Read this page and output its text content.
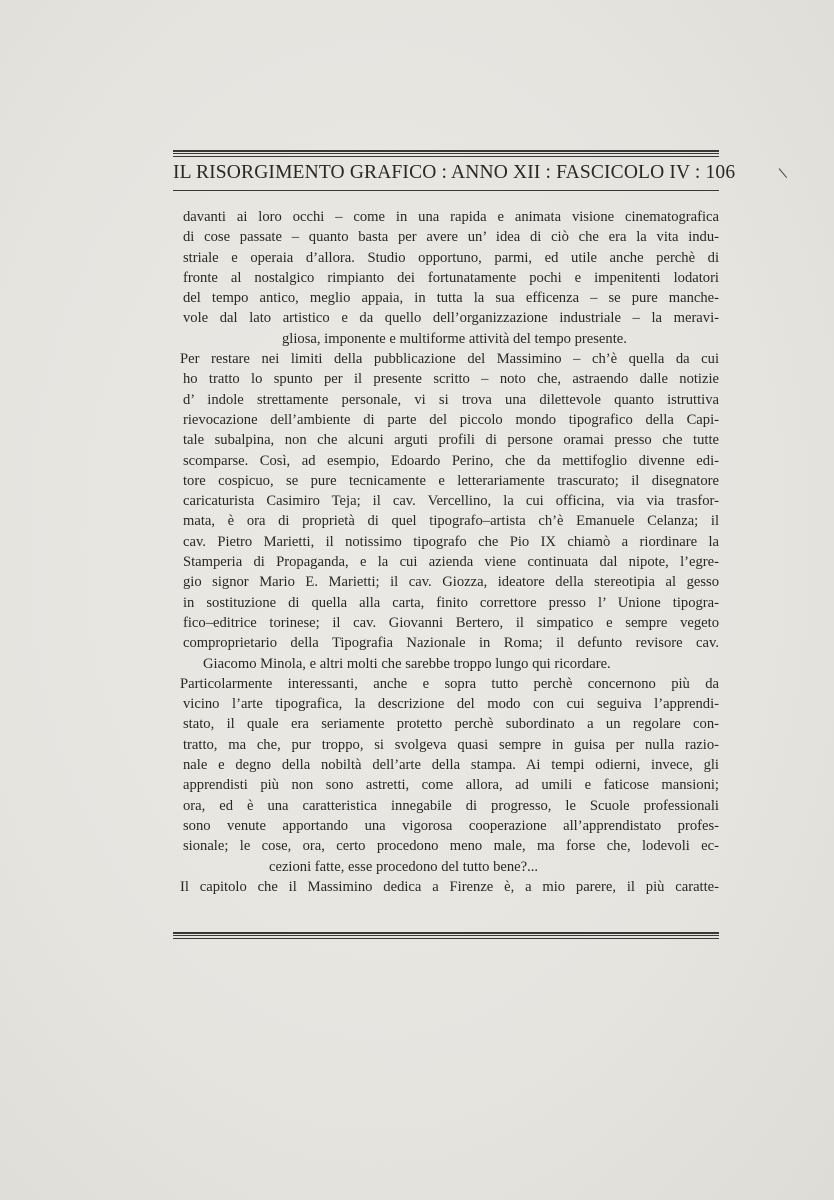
IL RISORGIMENTO GRAFICO : ANNO XII : FASCICOLO IV : 106
davanti ai loro occhi – come in una rapida e animata visione cinematografica
di cose passate – quanto basta per avere un’ idea di ciò che era la vita indu-
striale e operaia d’allora. Studio opportuno, parmi, ed utile anche perchè di
fronte al nostalgico rimpianto dei fortunatamente pochi e impenitenti lodatori
del tempo antico, meglio appaia, in tutta la sua efficenza – se pure manche-
vole dal lato artistico e da quello dell’organizzazione industriale – la meravi-
gliosa, imponente e multiforme attività del tempo presente.
Per restare nei limiti della pubblicazione del Massimino – ch’è quella da cui
ho tratto lo spunto per il presente scritto – noto che, astraendo dalle notizie
d’ indole strettamente personale, vi si trova una dilettevole quanto istruttiva
rievocazione dell’ambiente di parte del piccolo mondo tipografico della Capi-
tale subalpina, non che alcuni arguti profili di persone oramai presso che tutte
scomparse. Così, ad esempio, Edoardo Perino, che da mettifoglio divenne edi-
tore cospicuo, se pure tecnicamente e letterariamente trascurato; il disegnatore
caricaturista Casimiro Teja; il cav. Vercellino, la cui officina, via via trasfor-
mata, è ora di proprietà di quel tipografo–artista ch’è Emanuele Celanza; il
cav. Pietro Marietti, il notissimo tipografo che Pio IX chiamò a riordinare la
Stamperia di Propaganda, e la cui azienda viene continuata dal nipote, l’egre-
gio signor Mario E. Marietti; il cav. Giozza, ideatore della stereotipia al gesso
in sostituzione di quella alla carta, finito correttore presso l’ Unione tipogra-
fico–editrice torinese; il cav. Giovanni Bertero, il simpatico e sempre vegeto
comproprietario della Tipografia Nazionale in Roma; il defunto revisore cav.
Giacomo Minola, e altri molti che sarebbe troppo lungo qui ricordare.
Particolarmente interessanti, anche e sopra tutto perchè concernono più da
vicino l’arte tipografica, la descrizione del modo con cui seguiva l’apprendi-
stato, il quale era seriamente protetto perchè subordinato a un regolare con-
tratto, ma che, pur troppo, si svolgeva quasi sempre in guisa per nulla razio-
nale e degno della nobiltà dell’arte della stampa. Ai tempi odierni, invece, gli
apprendisti più non sono astretti, come allora, ad umili e faticose mansioni;
ora, ed è una caratteristica innegabile di progresso, le Scuole professionali
sono venute apportando una vigorosa cooperazione all’apprendistato profes-
sionale; le cose, ora, certo procedono meno male, ma forse che, lodevoli ec-
cezioni fatte, esse procedono del tutto bene?...
Il capitolo che il Massimino dedica a Firenze è, a mio parere, il più caratte-
